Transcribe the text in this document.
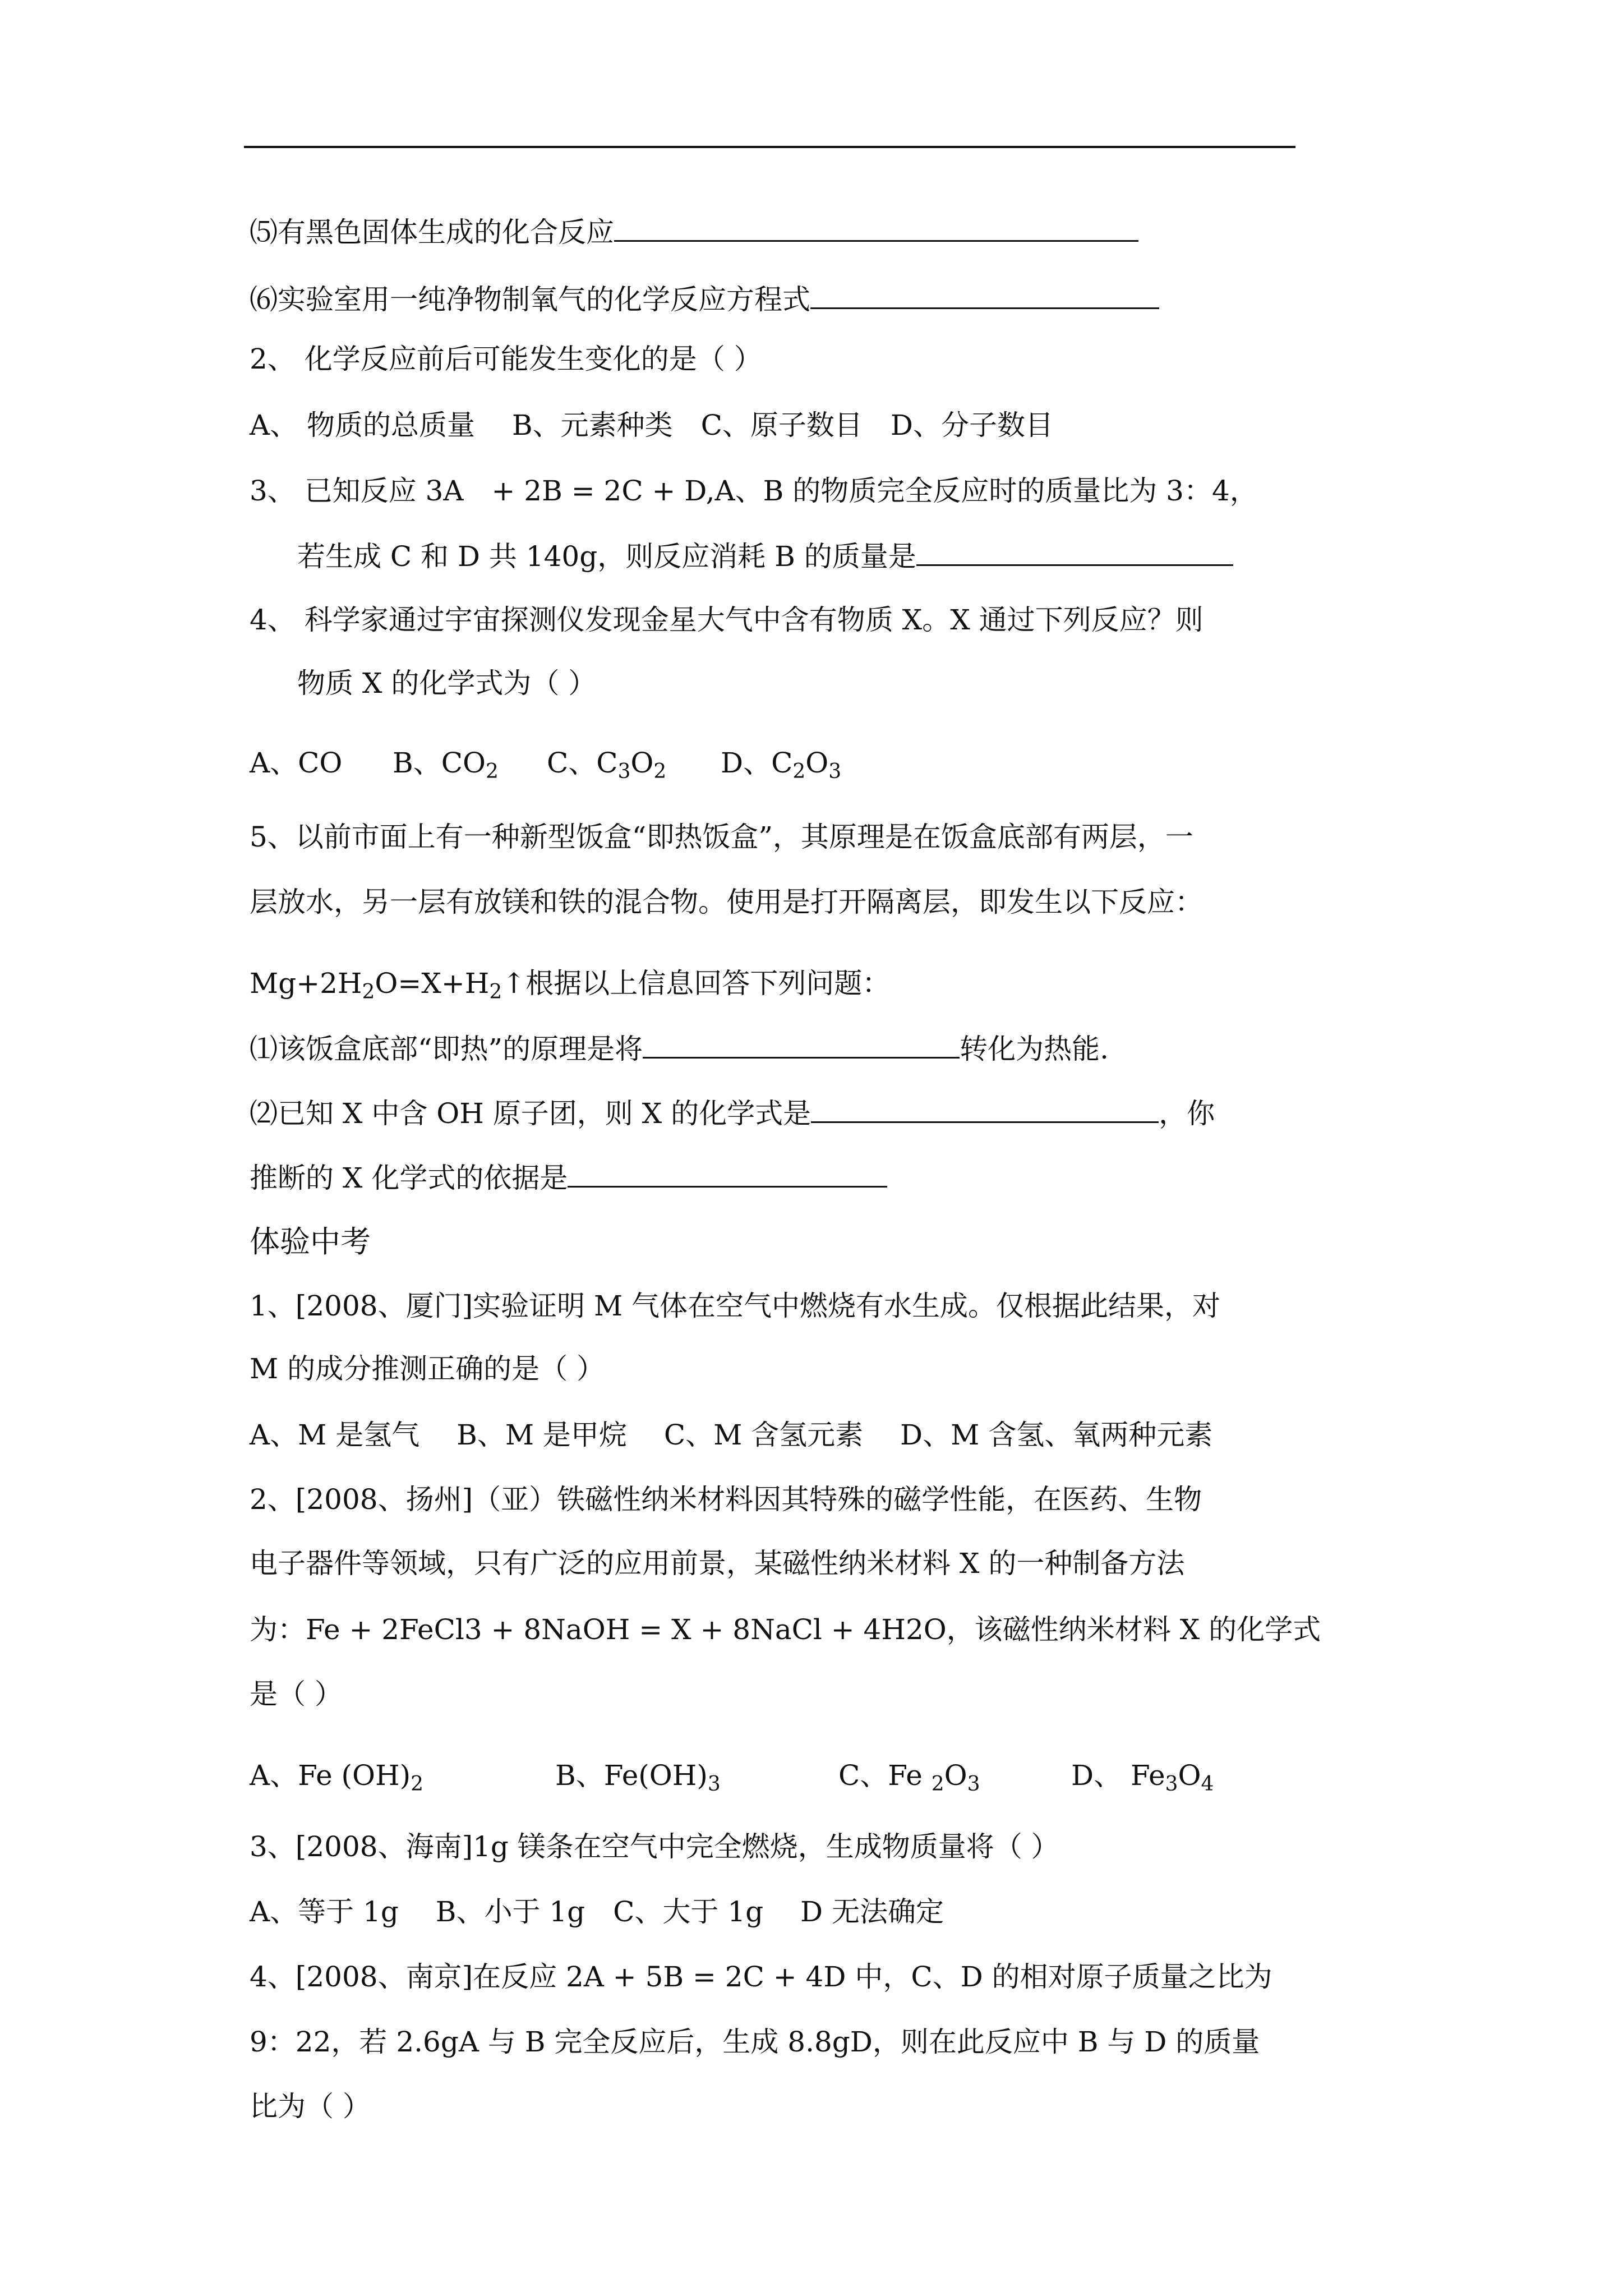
⑸有黑色固体生成的化合反应
⑹实验室用一纯净物制氧气的化学反应方程式
2、 化学反应前后可能发生变化的是（ ）
A、 物质的总质量　 B、元素种类　C、原子数目　D、分子数目
3、 已知反应 3A　+ 2B = 2C + D,A、B 的物质完全反应时的质量比为 3：4，
若生成 C 和 D 共 140g，则反应消耗 B 的质量是
4、 科学家通过宇宙探测仪发现金星大气中含有物质 X。X 通过下列反应？则
物质 X 的化学式为（ ）
A、CO B、$CO_2$ C、$C_3O_2$ D、$C_2O_3$
5、以前市面上有一种新型饭盒“即热饭盒”，其原理是在饭盒底部有两层，一
层放水，另一层有放镁和铁的混合物。使用是打开隔离层，即发生以下反应：
$Mg+2H_2O=X+H_2↑$根据以上信息回答下列问题：
⑴该饭盒底部“即热”的原理是将	转化为热能.
⑵已知 X 中含 OH 原子团，则 X 的化学式是	，你
推断的 X 化学式的依据是
体验中考
1、[2008、厦门]实验证明 M 气体在空气中燃烧有水生成。仅根据此结果，对
M 的成分推测正确的是（ ）
A、M 是氢气　 B、M 是甲烷　 C、M 含氢元素　 D、M 含氢、氧两种元素
2、[2008、扬州]（亚）铁磁性纳米材料因其特殊的磁学性能，在医药、生物
电子器件等领域，只有广泛的应用前景，某磁性纳米材料 X 的一种制备方法
为：Fe + 2FeCl3 + 8NaOH = X + 8NaCl + 4H2O，该磁性纳米材料 X 的化学式
是（ ）
A、Fe $(OH)_2$	B、$Fe(OH)_3$	C、Fe $_2O_3$	D、 $Fe_3O_4$
3、[2008、海南]1g 镁条在空气中完全燃烧，生成物质量将（ ）
A、等于 1g　 B、小于 1g　C、大于 1g　 D 无法确定
4、[2008、南京]在反应 2A + 5B = 2C + 4D 中，C、D 的相对原子质量之比为
9：22，若 2.6gA 与 B 完全反应后，生成 8.8gD，则在此反应中 B 与 D 的质量
比为（ ）
